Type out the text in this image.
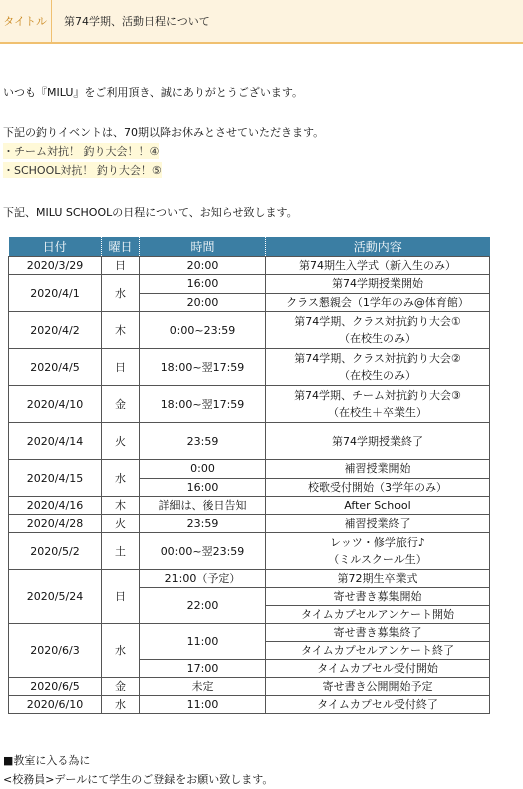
タイトル	第74学期、活動日程について
いつも『MILU』をご利用頂き、誠にありがとうございます。
下記の釣りイベントは、70期以降お休みとさせていただきます。
・チーム対抗！ 釣り大会！！④
・SCHOOL対抗！ 釣り大会！⑤
下記、MILU SCHOOLの日程について、お知らせ致します。
日付	曜日	時間	活動内容
2020/3/29	日	20:00	第74期生入学式（新入生のみ）
2020/4/1	水	16:00	第74学期授業開始
		20:00	クラス懇親会（1学年のみ@体育館）
2020/4/2	木	0:00~23:59	第74学期、クラス対抗釣り大会①
（在校生のみ）

2020/4/5	日	18:00~翌17:59	第74学期、クラス対抗釣り大会②
（在校生のみ）

2020/4/10	金	18:00~翌17:59	第74学期、チーム対抗釣り大会③
（在校生＋卒業生）

2020/4/14	火	23:59	第74学期授業終了
2020/4/15	水	0:00	補習授業開始
		16:00	校歌受付開始（3学年のみ）
2020/4/16	木	詳細は、後日告知	After School
2020/4/28	火	23:59	補習授業終了
2020/5/2	土	00:00~翌23:59	レッツ・修学旅行♪
（ミルスクール生）

2020/5/24	日	21:00（予定）	第72期生卒業式
		22:00	寄せ書き募集開始
			タイムカプセルアンケート開始
2020/6/3	水	11:00	寄せ書き募集終了
			タイムカプセルアンケート終了
		17:00	タイムカプセル受付開始
2020/6/5	金	未定	寄せ書き公開開始予定
2020/6/10	水	11:00	タイムカプセル受付終了
■教室に入る為に
<校務員>デールにて学生のご登録をお願い致します。
